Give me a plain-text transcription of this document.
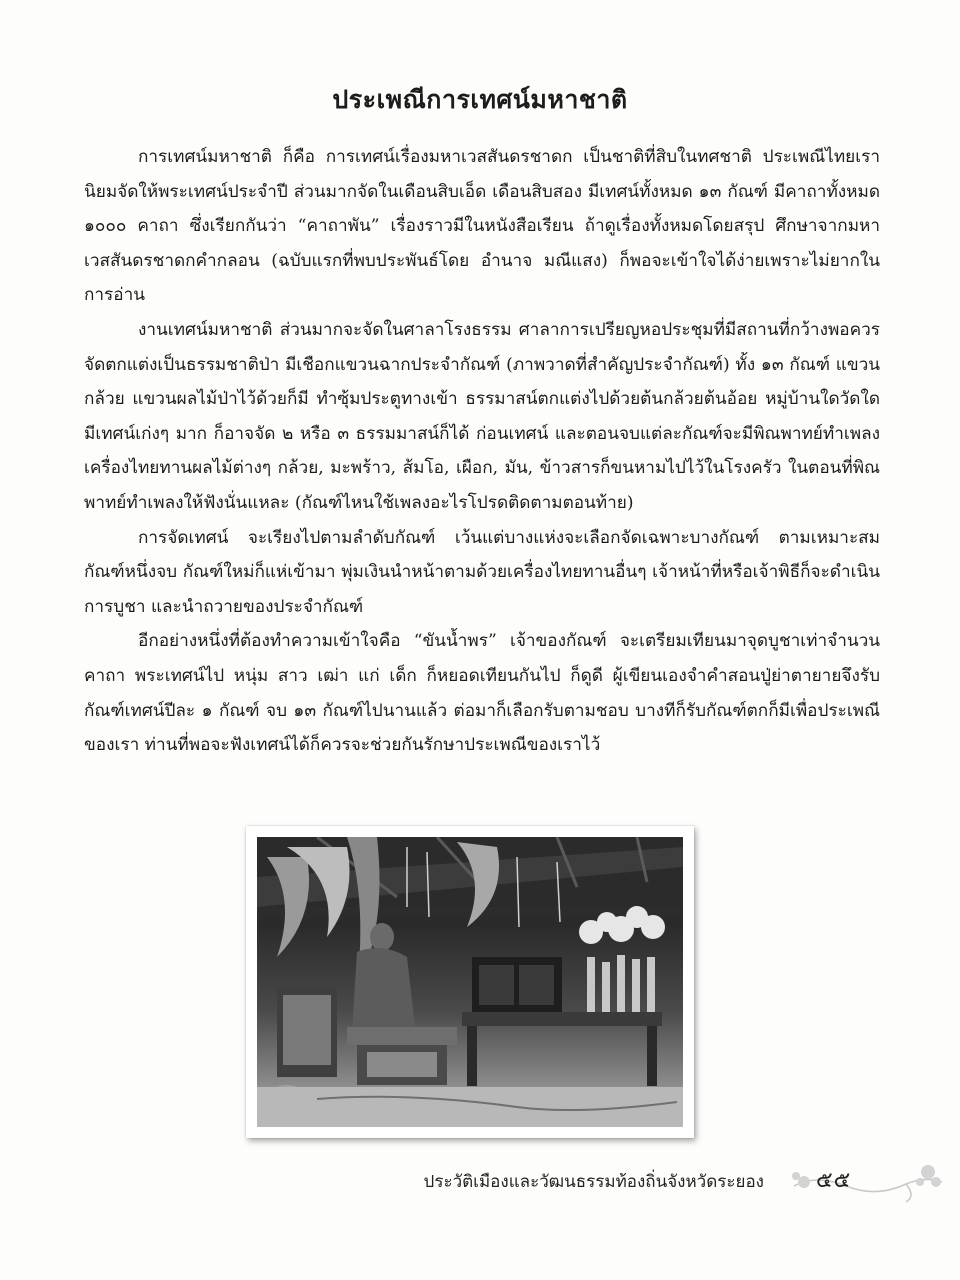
ประเพณีการเทศน์มหาชาติ

การเทศน์มหาชาติ ก็คือ การเทศน์เรื่องมหาเวสสันดรชาดก เป็นชาติที่สิบในทศชาติ ประเพณีไทยเรานิยมจัดให้พระเทศน์ประจำปี ส่วนมากจัดในเดือนสิบเอ็ด เดือนสิบสอง มีเทศน์ทั้งหมด ๑๓ กัณฑ์ มีคาถาทั้งหมด ๑๐๐๐ คาถา ซึ่งเรียกกันว่า “คาถาพัน” เรื่องราวมีในหนังสือเรียน ถ้าดูเรื่องทั้งหมดโดยสรุป ศึกษาจากมหาเวสสันดรชาดกคำกลอน (ฉบับแรกที่พบประพันธ์โดย อำนาจ มณีแสง) ก็พอจะเข้าใจได้ง่ายเพราะไม่ยากในการอ่าน

งานเทศน์มหาชาติ ส่วนมากจะจัดในศาลาโรงธรรม ศาลาการเปรียญหอประชุมที่มีสถานที่กว้างพอควร จัดตกแต่งเป็นธรรมชาติป่า มีเชือกแขวนฉากประจำกัณฑ์ (ภาพวาดที่สำคัญประจำกัณฑ์) ทั้ง ๑๓ กัณฑ์ แขวนกล้วย แขวนผลไม้ป่าไว้ด้วยก็มี ทำซุ้มประตูทางเข้า ธรรมาสน์ตกแต่งไปด้วยต้นกล้วยต้นอ้อย หมู่บ้านใดวัดใดมีเทศน์เก่งๆ มาก ก็อาจจัด ๒ หรือ ๓ ธรรมมาสน์ก็ได้ ก่อนเทศน์ และตอนจบแต่ละกัณฑ์จะมีพิณพาทย์ทำเพลง เครื่องไทยทานผลไม้ต่างๆ กล้วย, มะพร้าว, ส้มโอ, เผือก, มัน, ข้าวสารก็ขนหามไปไว้ในโรงครัว ในตอนที่พิณพาทย์ทำเพลงให้ฟังนั่นแหละ (กัณฑ์ไหนใช้เพลงอะไรโปรดติดตามตอนท้าย)

การจัดเทศน์ จะเรียงไปตามลำดับกัณฑ์ เว้นแต่บางแห่งจะเลือกจัดเฉพาะบางกัณฑ์ ตามเหมาะสม กัณฑ์หนึ่งจบ กัณฑ์ใหม่ก็แห่เข้ามา พุ่มเงินนำหน้าตามด้วยเครื่องไทยทานอื่นๆ เจ้าหน้าที่หรือเจ้าพิธีก็จะดำเนินการบูชา และนำถวายของประจำกัณฑ์

อีกอย่างหนึ่งที่ต้องทำความเข้าใจคือ “ขันน้ำพร” เจ้าของกัณฑ์ จะเตรียมเทียนมาจุดบูชาเท่าจำนวนคาถา พระเทศน์ไป หนุ่ม สาว เฒ่า แก่ เด็ก ก็หยอดเทียนกันไป ก็ดูดี ผู้เขียนเองจำคำสอนปู่ย่าตายายจึงรับกัณฑ์เทศน์ปีละ ๑ กัณฑ์ จบ ๑๓ กัณฑ์ไปนานแล้ว ต่อมาก็เลือกรับตามชอบ บางทีก็รับกัณฑ์ตกก็มีเพื่อประเพณีของเรา ท่านที่พอจะฟังเทศน์ได้ก็ควรจะช่วยกันรักษาประเพณีของเราไว้

ประวัติเมืองและวัฒนธรรมท้องถิ่นจังหวัดระยอง ๕๕
